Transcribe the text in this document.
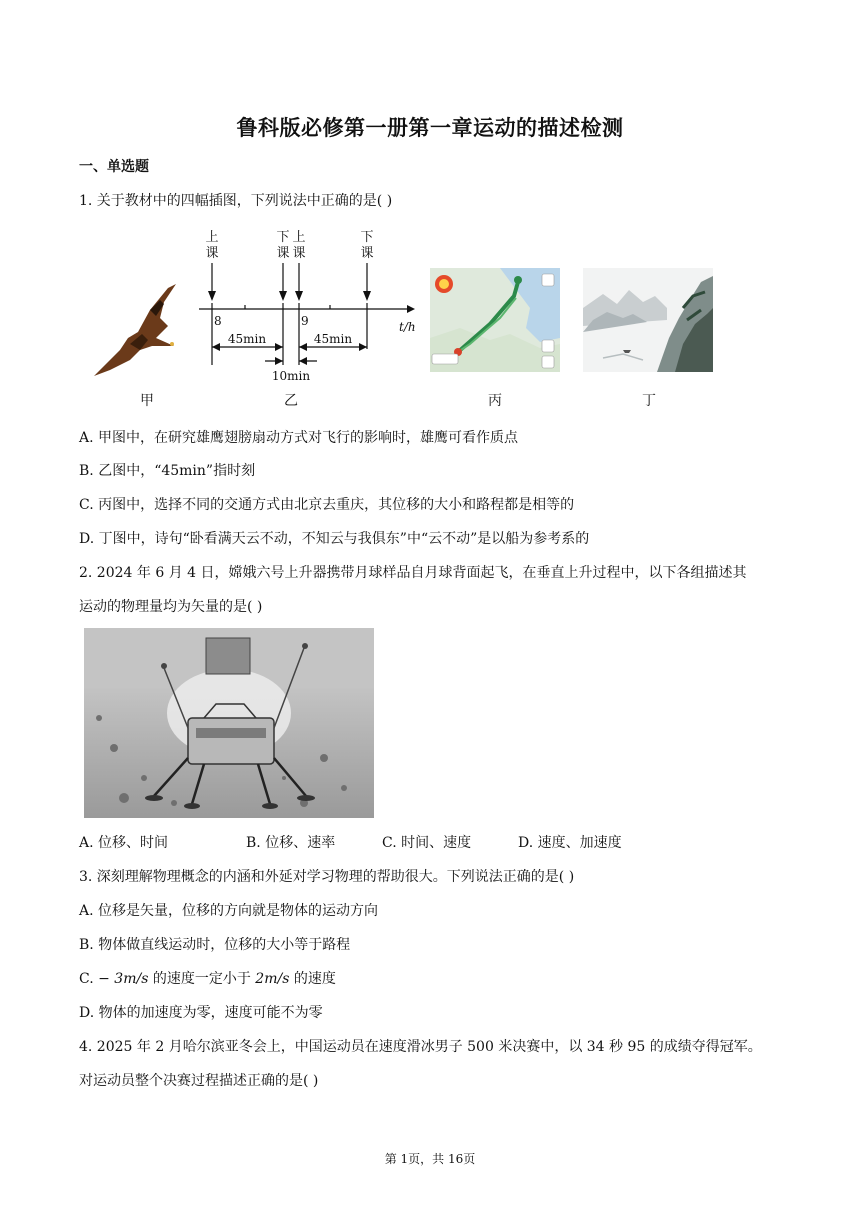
鲁科版必修第一册第一章运动的描述检测
一、单选题
1. 关于教材中的四幅插图，下列说法中正确的是( )
上
课
下
课
上
课
下
课
8	9	t/h
45min	45min
10min
甲	乙	丙	丁
A. 甲图中，在研究雄鹰翅膀扇动方式对飞行的影响时，雄鹰可看作质点
B. 乙图中，“45min”指时刻
C. 丙图中，选择不同的交通方式由北京去重庆，其位移的大小和路程都是相等的
D. 丁图中，诗句“卧看满天云不动，不知云与我俱东”中“云不动”是以船为参考系的
2. 2024 年 6 月 4 日，嫦娥六号上升器携带月球样品自月球背面起飞，在垂直上升过程中，以下各组描述其
运动的物理量均为矢量的是( )
A. 位移、时间	B. 位移、速率	C. 时间、速度	D. 速度、加速度
3. 深刻理解物理概念的内涵和外延对学习物理的帮助很大。下列说法正确的是( )
A. 位移是矢量，位移的方向就是物体的运动方向
B. 物体做直线运动时，位移的大小等于路程
C. − 3m/s 的速度一定小于 2m/s 的速度
D. 物体的加速度为零，速度可能不为零
4. 2025 年 2 月哈尔滨亚冬会上，中国运动员在速度滑冰男子 500 米决赛中，以 34 秒 95 的成绩夺得冠军。
对运动员整个决赛过程描述正确的是( )
第 1页，共 16页
